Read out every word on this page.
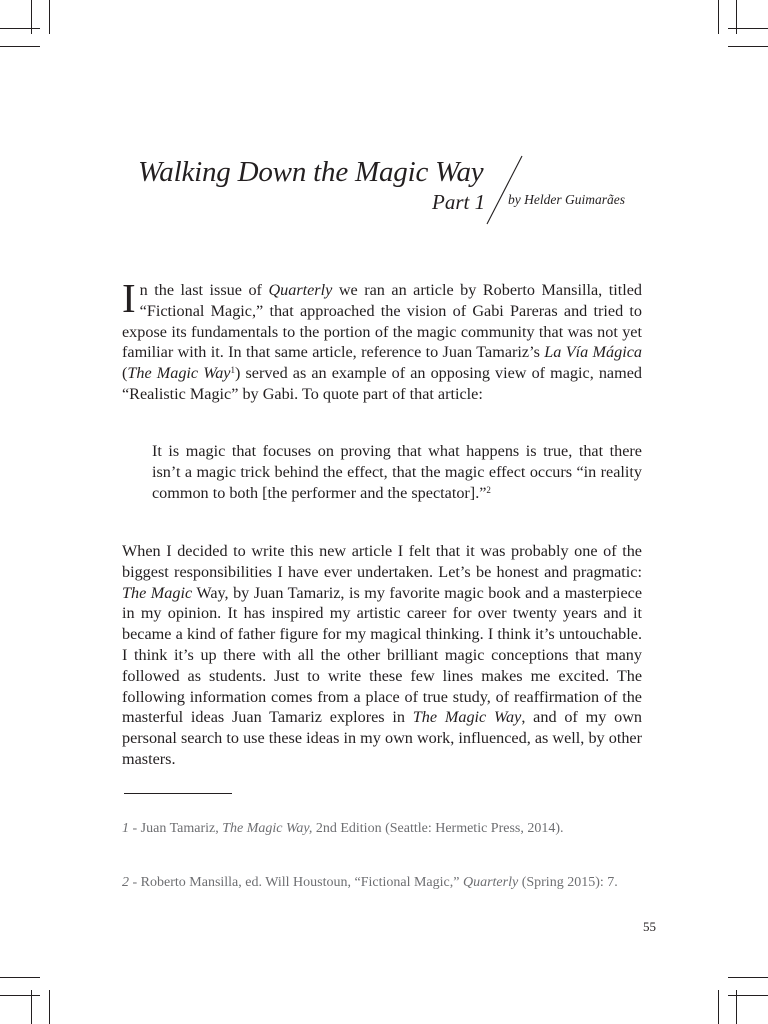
Walking Down the Magic Way
Part 1 by Helder Guimarães
In the last issue of Quarterly we ran an article by Roberto Mansilla, titled “Fictional Magic,” that approached the vision of Gabi Pareras and tried to expose its fundamentals to the portion of the magic community that was not yet familiar with it. In that same article, reference to Juan Tamariz’s La Vía Mágica (The Magic Way$^1$) served as an example of an opposing view of magic, named “Realistic Magic” by Gabi. To quote part of that article:
It is magic that focuses on proving that what happens is true, that there isn’t a magic trick behind the effect, that the magic effect occurs “in reality common to both [the performer and the spectator].”$^2$
When I decided to write this new article I felt that it was probably one of the biggest responsibilities I have ever undertaken. Let’s be honest and pragmatic: The Magic Way, by Juan Tamariz, is my favorite magic book and a masterpiece in my opinion. It has inspired my artistic career for over twenty years and it became a kind of father figure for my magical thinking. I think it’s untouchable. I think it’s up there with all the other brilliant magic conceptions that many followed as students. Just to write these few lines makes me excited. The following information comes from a place of true study, of reaffirmation of the masterful ideas Juan Tamariz explores in The Magic Way, and of my own personal search to use these ideas in my own work, influenced, as well, by other masters.
1 - Juan Tamariz, The Magic Way, 2nd Edition (Seattle: Hermetic Press, 2014).
2 - Roberto Mansilla, ed. Will Houstoun, “Fictional Magic,” Quarterly (Spring 2015): 7.
55
